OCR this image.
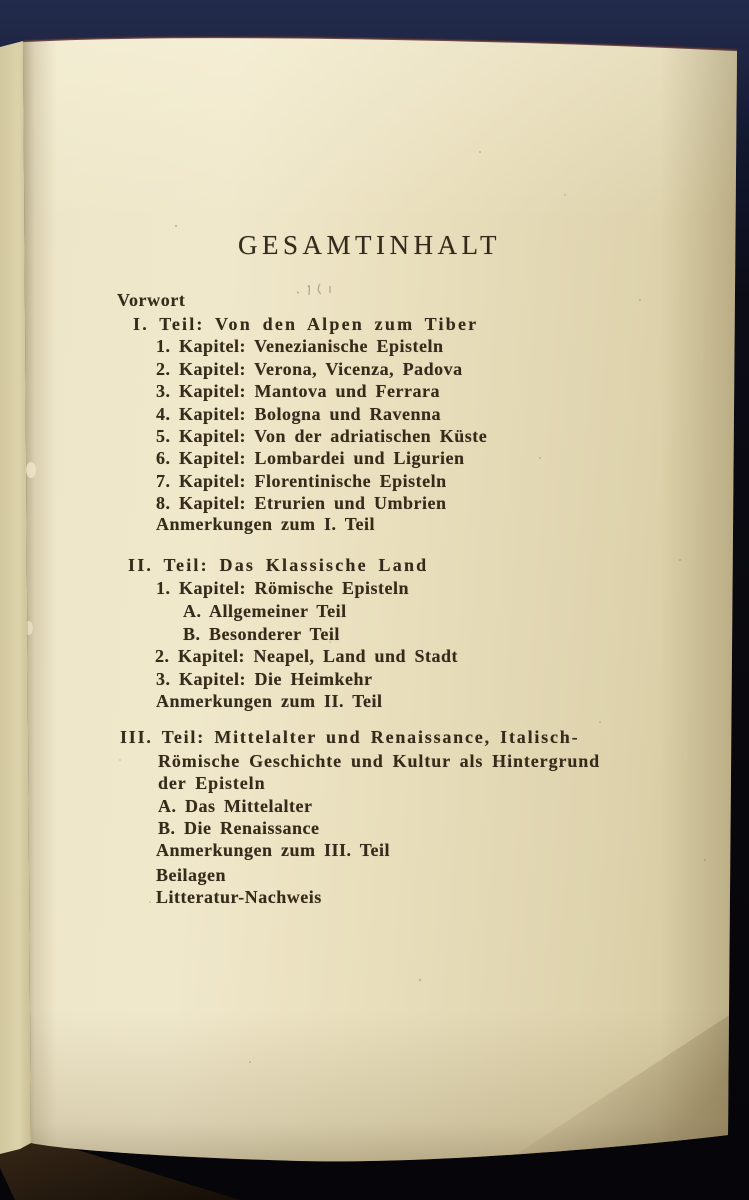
GESAMTINHALT
Vorwort
I. Teil: Von den Alpen zum Tiber
1. Kapitel: Venezianische Episteln
2. Kapitel: Verona, Vicenza, Padova
3. Kapitel: Mantova und Ferrara
4. Kapitel: Bologna und Ravenna
5. Kapitel: Von der adriatischen Küste
6. Kapitel: Lombardei und Ligurien
7. Kapitel: Florentinische Episteln
8. Kapitel: Etrurien und Umbrien
Anmerkungen zum I. Teil
II. Teil: Das Klassische Land
1. Kapitel: Römische Episteln
A. Allgemeiner Teil
B. Besonderer Teil
2. Kapitel: Neapel, Land und Stadt
3. Kapitel: Die Heimkehr
Anmerkungen zum II. Teil
III. Teil: Mittelalter und Renaissance, Italisch-
Römische Geschichte und Kultur als Hintergrund
der Episteln
A. Das Mittelalter
B. Die Renaissance
Anmerkungen zum III. Teil
Beilagen
Litteratur-Nachweis
